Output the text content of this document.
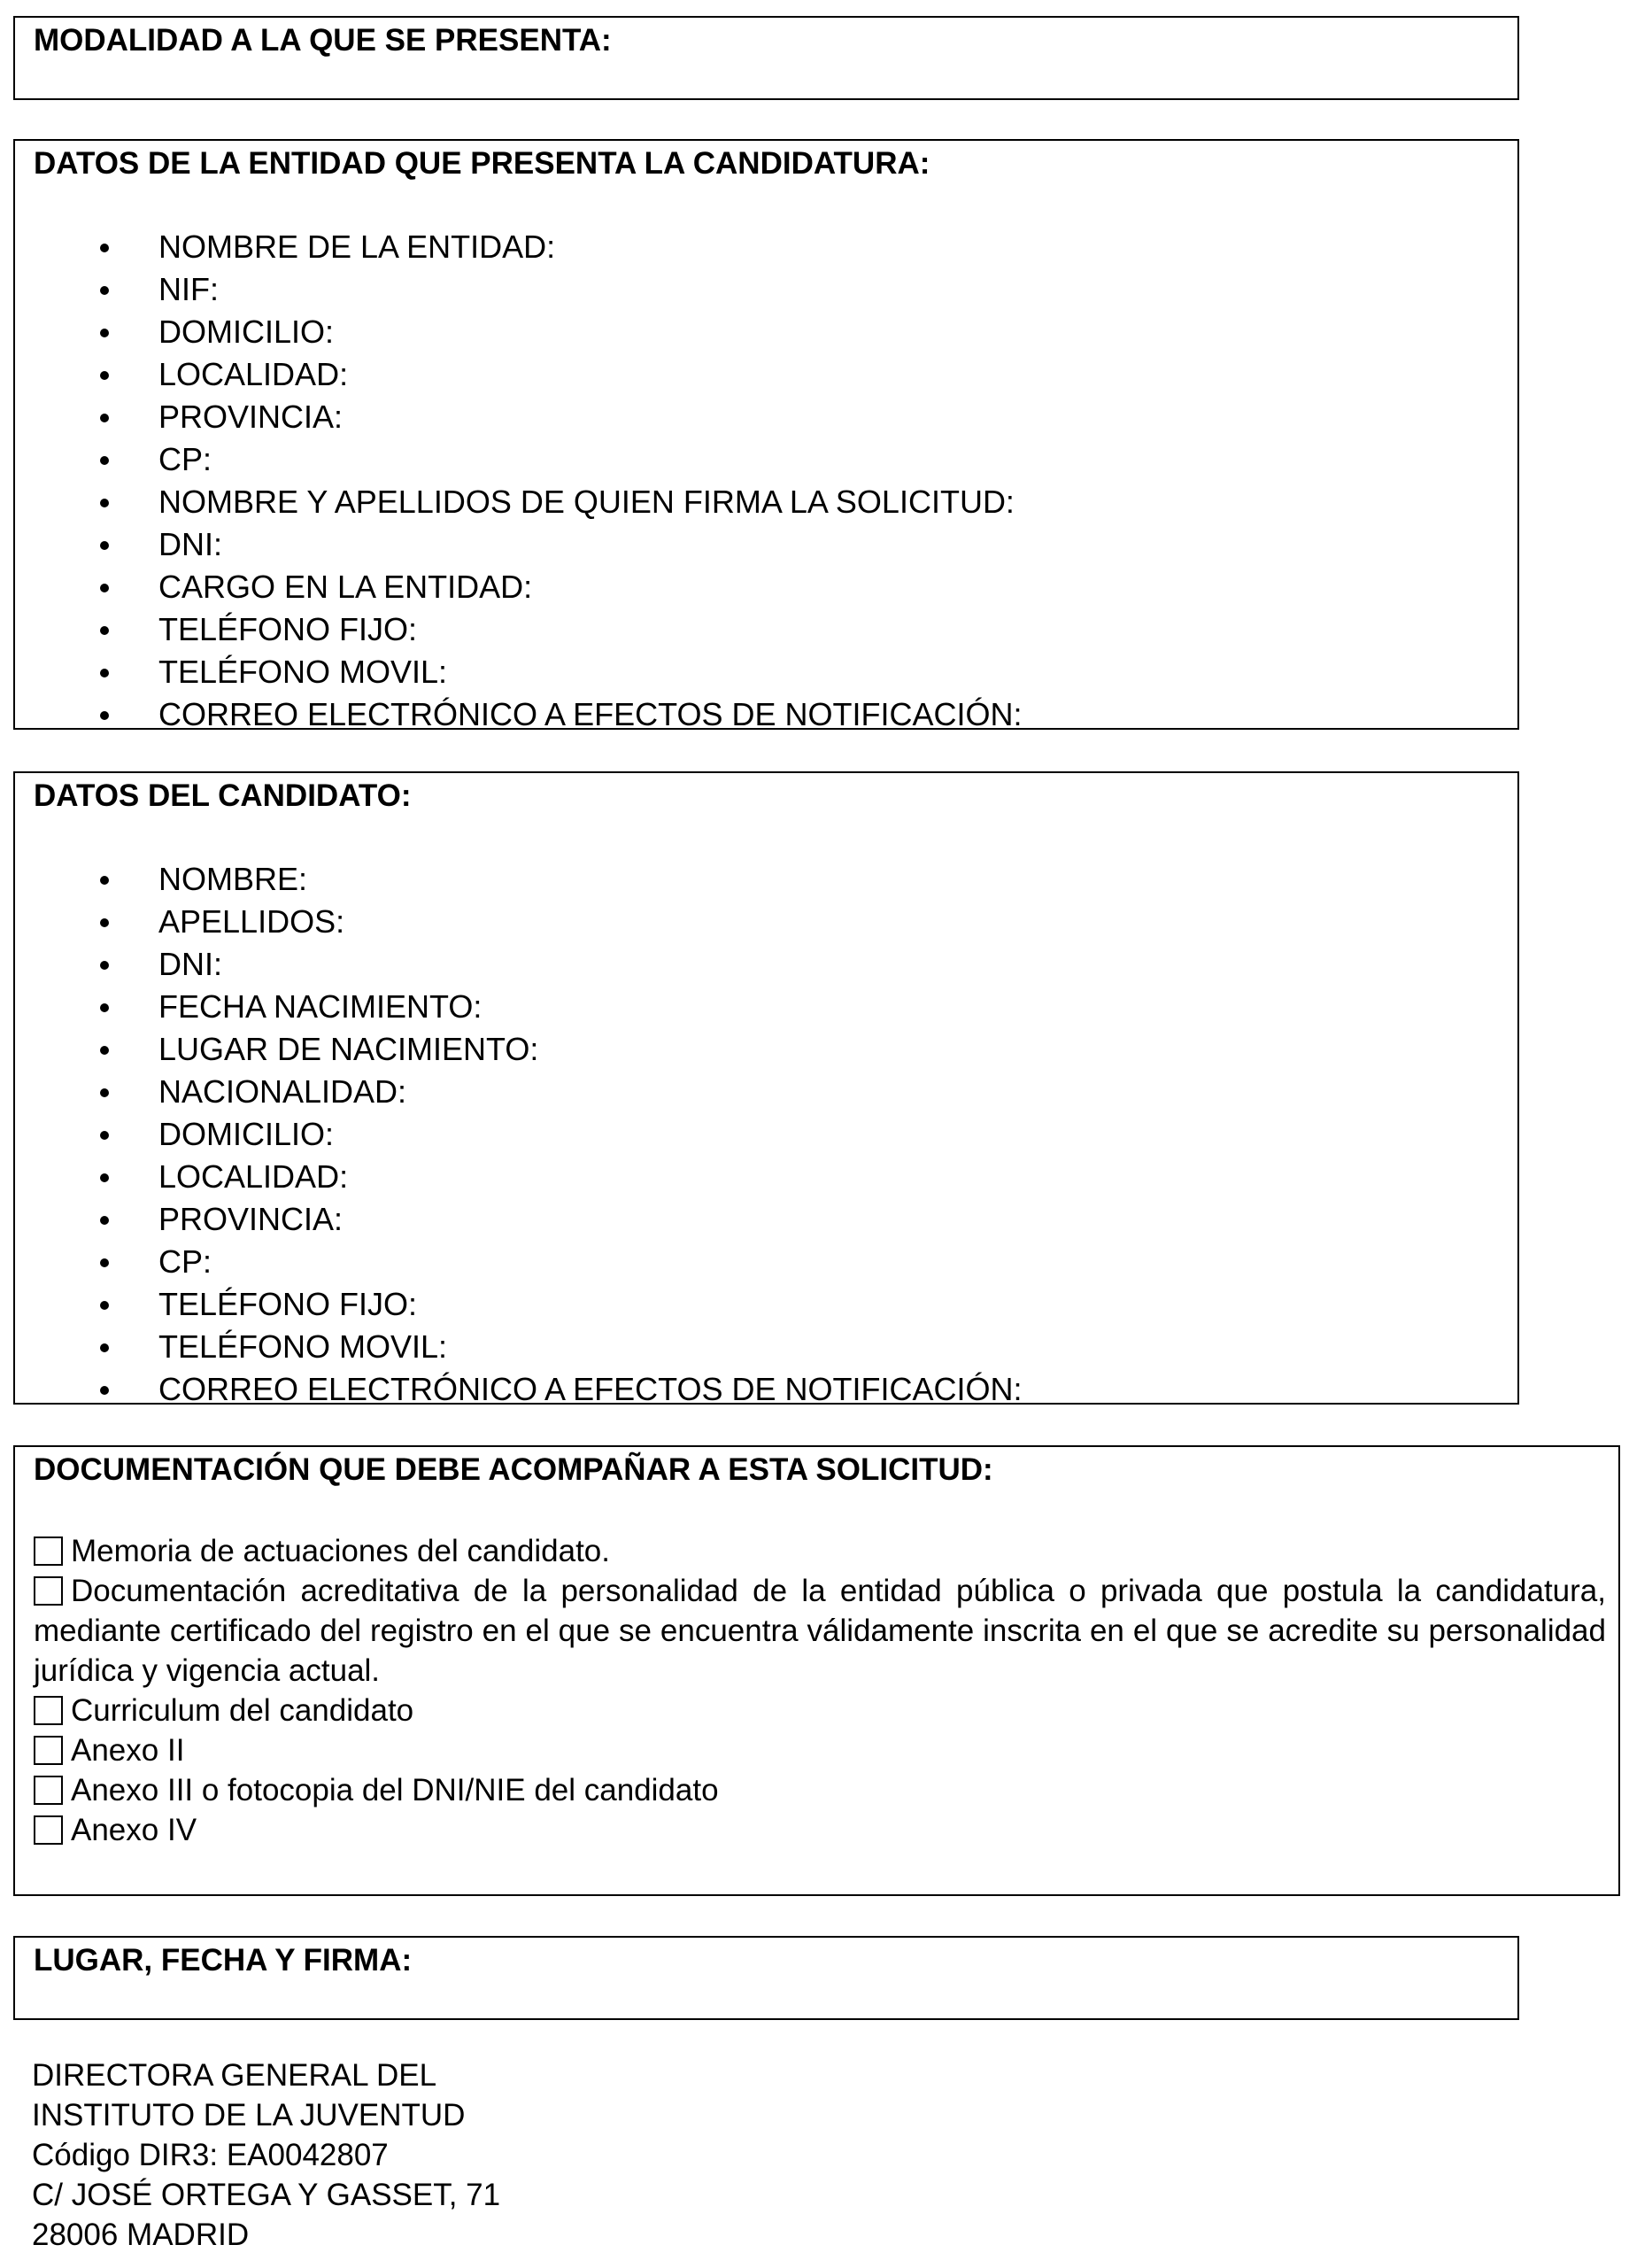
MODALIDAD A LA QUE SE PRESENTA:
DATOS DE LA ENTIDAD QUE PRESENTA LA CANDIDATURA:
NOMBRE DE LA ENTIDAD:
NIF:
DOMICILIO:
LOCALIDAD:
PROVINCIA:
CP:
NOMBRE Y APELLIDOS DE QUIEN FIRMA LA SOLICITUD:
DNI:
CARGO EN LA ENTIDAD:
TELÉFONO FIJO:
TELÉFONO MOVIL:
CORREO ELECTRÓNICO A EFECTOS DE NOTIFICACIÓN:
DATOS DEL CANDIDATO:
NOMBRE:
APELLIDOS:
DNI:
FECHA NACIMIENTO:
LUGAR DE NACIMIENTO:
NACIONALIDAD:
DOMICILIO:
LOCALIDAD:
PROVINCIA:
CP:
TELÉFONO FIJO:
TELÉFONO MOVIL:
CORREO ELECTRÓNICO A EFECTOS DE NOTIFICACIÓN:
DOCUMENTACIÓN QUE DEBE ACOMPAÑAR A ESTA SOLICITUD:
Memoria de actuaciones del candidato.
Documentación acreditativa de la personalidad de la entidad pública o privada que postula la candidatura, mediante certificado del registro en el que se encuentra válidamente inscrita en el que se acredite su personalidad jurídica y vigencia actual.
Curriculum del candidato
Anexo II
Anexo III o fotocopia del DNI/NIE del candidato
Anexo IV
LUGAR, FECHA Y FIRMA:
DIRECTORA GENERAL DEL
INSTITUTO DE LA JUVENTUD
Código DIR3: EA0042807
C/ JOSÉ ORTEGA Y GASSET, 71
28006 MADRID
